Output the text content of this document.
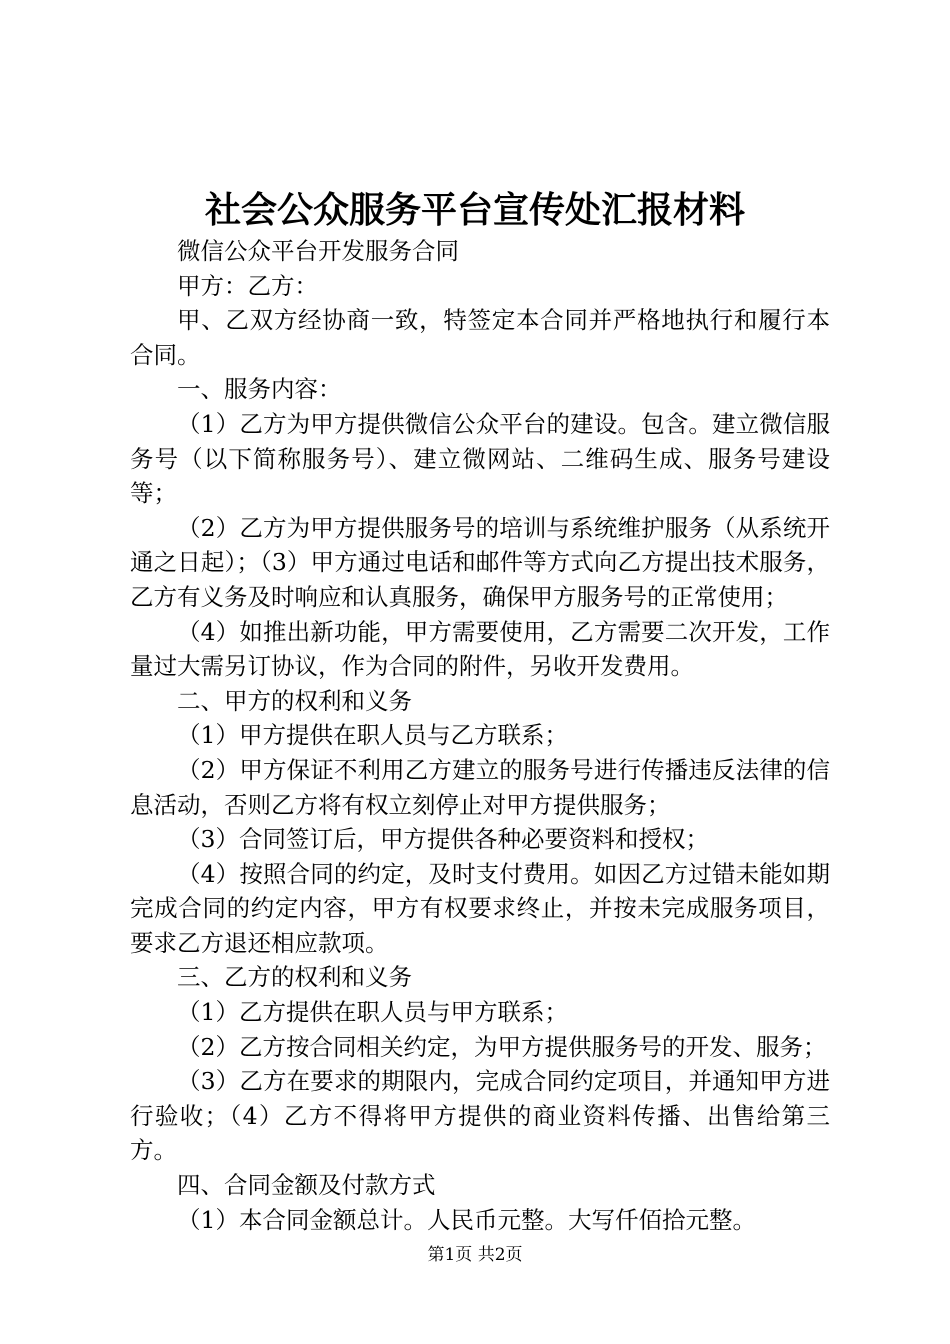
社会公众服务平台宣传处汇报材料

微信公众平台开发服务合同

甲方：乙方：

甲、乙双方经协商一致，特签定本合同并严格地执行和履行本合同。

一、服务内容：

（1）乙方为甲方提供微信公众平台的建设。包含。建立微信服务号（以下简称服务号）、建立微网站、二维码生成、服务号建设等；

（2）乙方为甲方提供服务号的培训与系统维护服务（从系统开通之日起）；（3）甲方通过电话和邮件等方式向乙方提出技术服务，乙方有义务及时响应和认真服务，确保甲方服务号的正常使用；

（4）如推出新功能，甲方需要使用，乙方需要二次开发，工作量过大需另订协议，作为合同的附件，另收开发费用。

二、甲方的权利和义务

（1）甲方提供在职人员与乙方联系；

（2）甲方保证不利用乙方建立的服务号进行传播违反法律的信息活动，否则乙方将有权立刻停止对甲方提供服务；

（3）合同签订后，甲方提供各种必要资料和授权；

（4）按照合同的约定，及时支付费用。如因乙方过错未能如期完成合同的约定内容，甲方有权要求终止，并按未完成服务项目，要求乙方退还相应款项。

三、乙方的权利和义务

（1）乙方提供在职人员与甲方联系；

（2）乙方按合同相关约定，为甲方提供服务号的开发、服务；

（3）乙方在要求的期限内，完成合同约定项目，并通知甲方进行验收；（4）乙方不得将甲方提供的商业资料传播、出售给第三方。

四、合同金额及付款方式

（1）本合同金额总计。人民币元整。大写仟佰拾元整。

第1页 共2页
